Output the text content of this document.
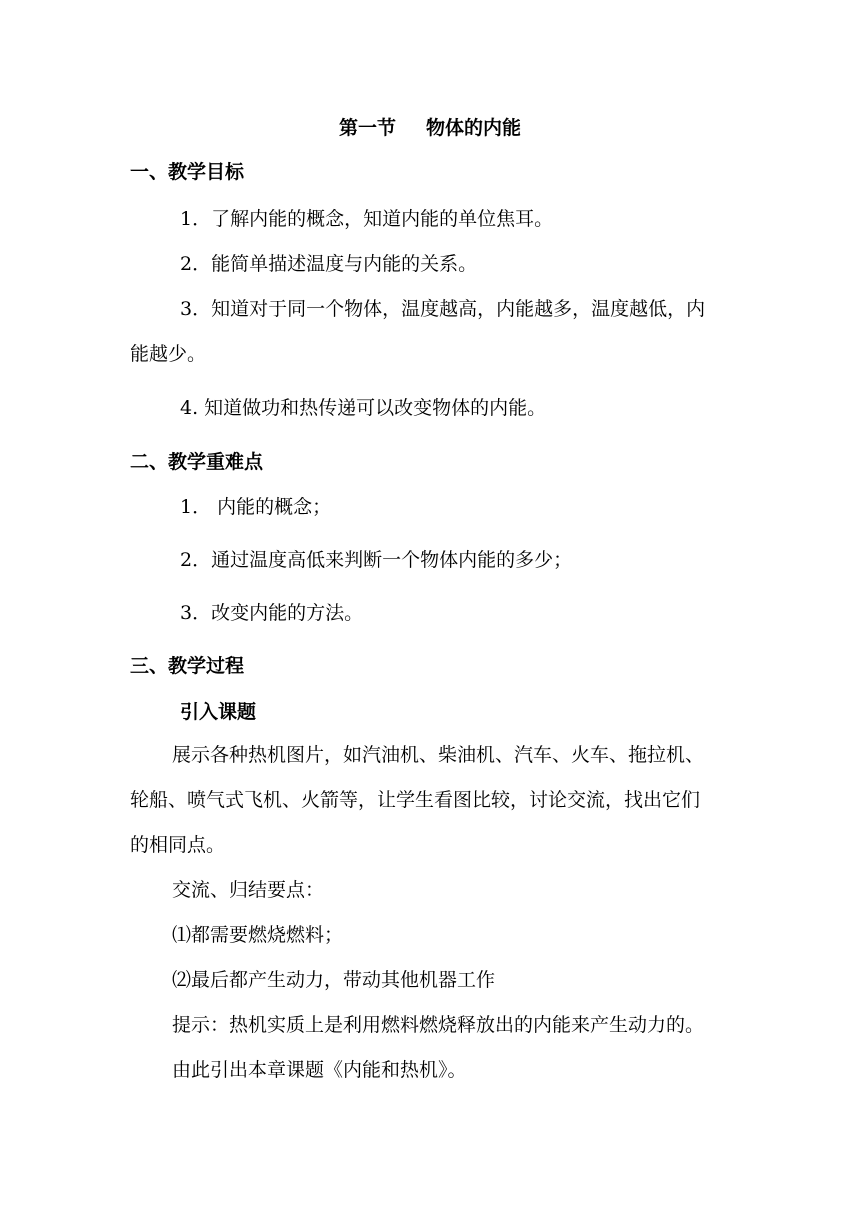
第一节 物体的内能
一、教学目标
1．了解内能的概念，知道内能的单位焦耳。
2．能简单描述温度与内能的关系。
3．知道对于同一个物体，温度越高，内能越多，温度越低，内
能越少。
4. 知道做功和热传递可以改变物体的内能。
二、教学重难点
1． 内能的概念；
2．通过温度高低来判断一个物体内能的多少；
3．改变内能的方法。
三、教学过程
引入课题
展示各种热机图片，如汽油机、柴油机、汽车、火车、拖拉机、
轮船、喷气式飞机、火箭等，让学生看图比较，讨论交流，找出它们
的相同点。
交流、归结要点：
⑴都需要燃烧燃料；
⑵最后都产生动力，带动其他机器工作
提示：热机实质上是利用燃料燃烧释放出的内能来产生动力的。
由此引出本章课题《内能和热机》。
